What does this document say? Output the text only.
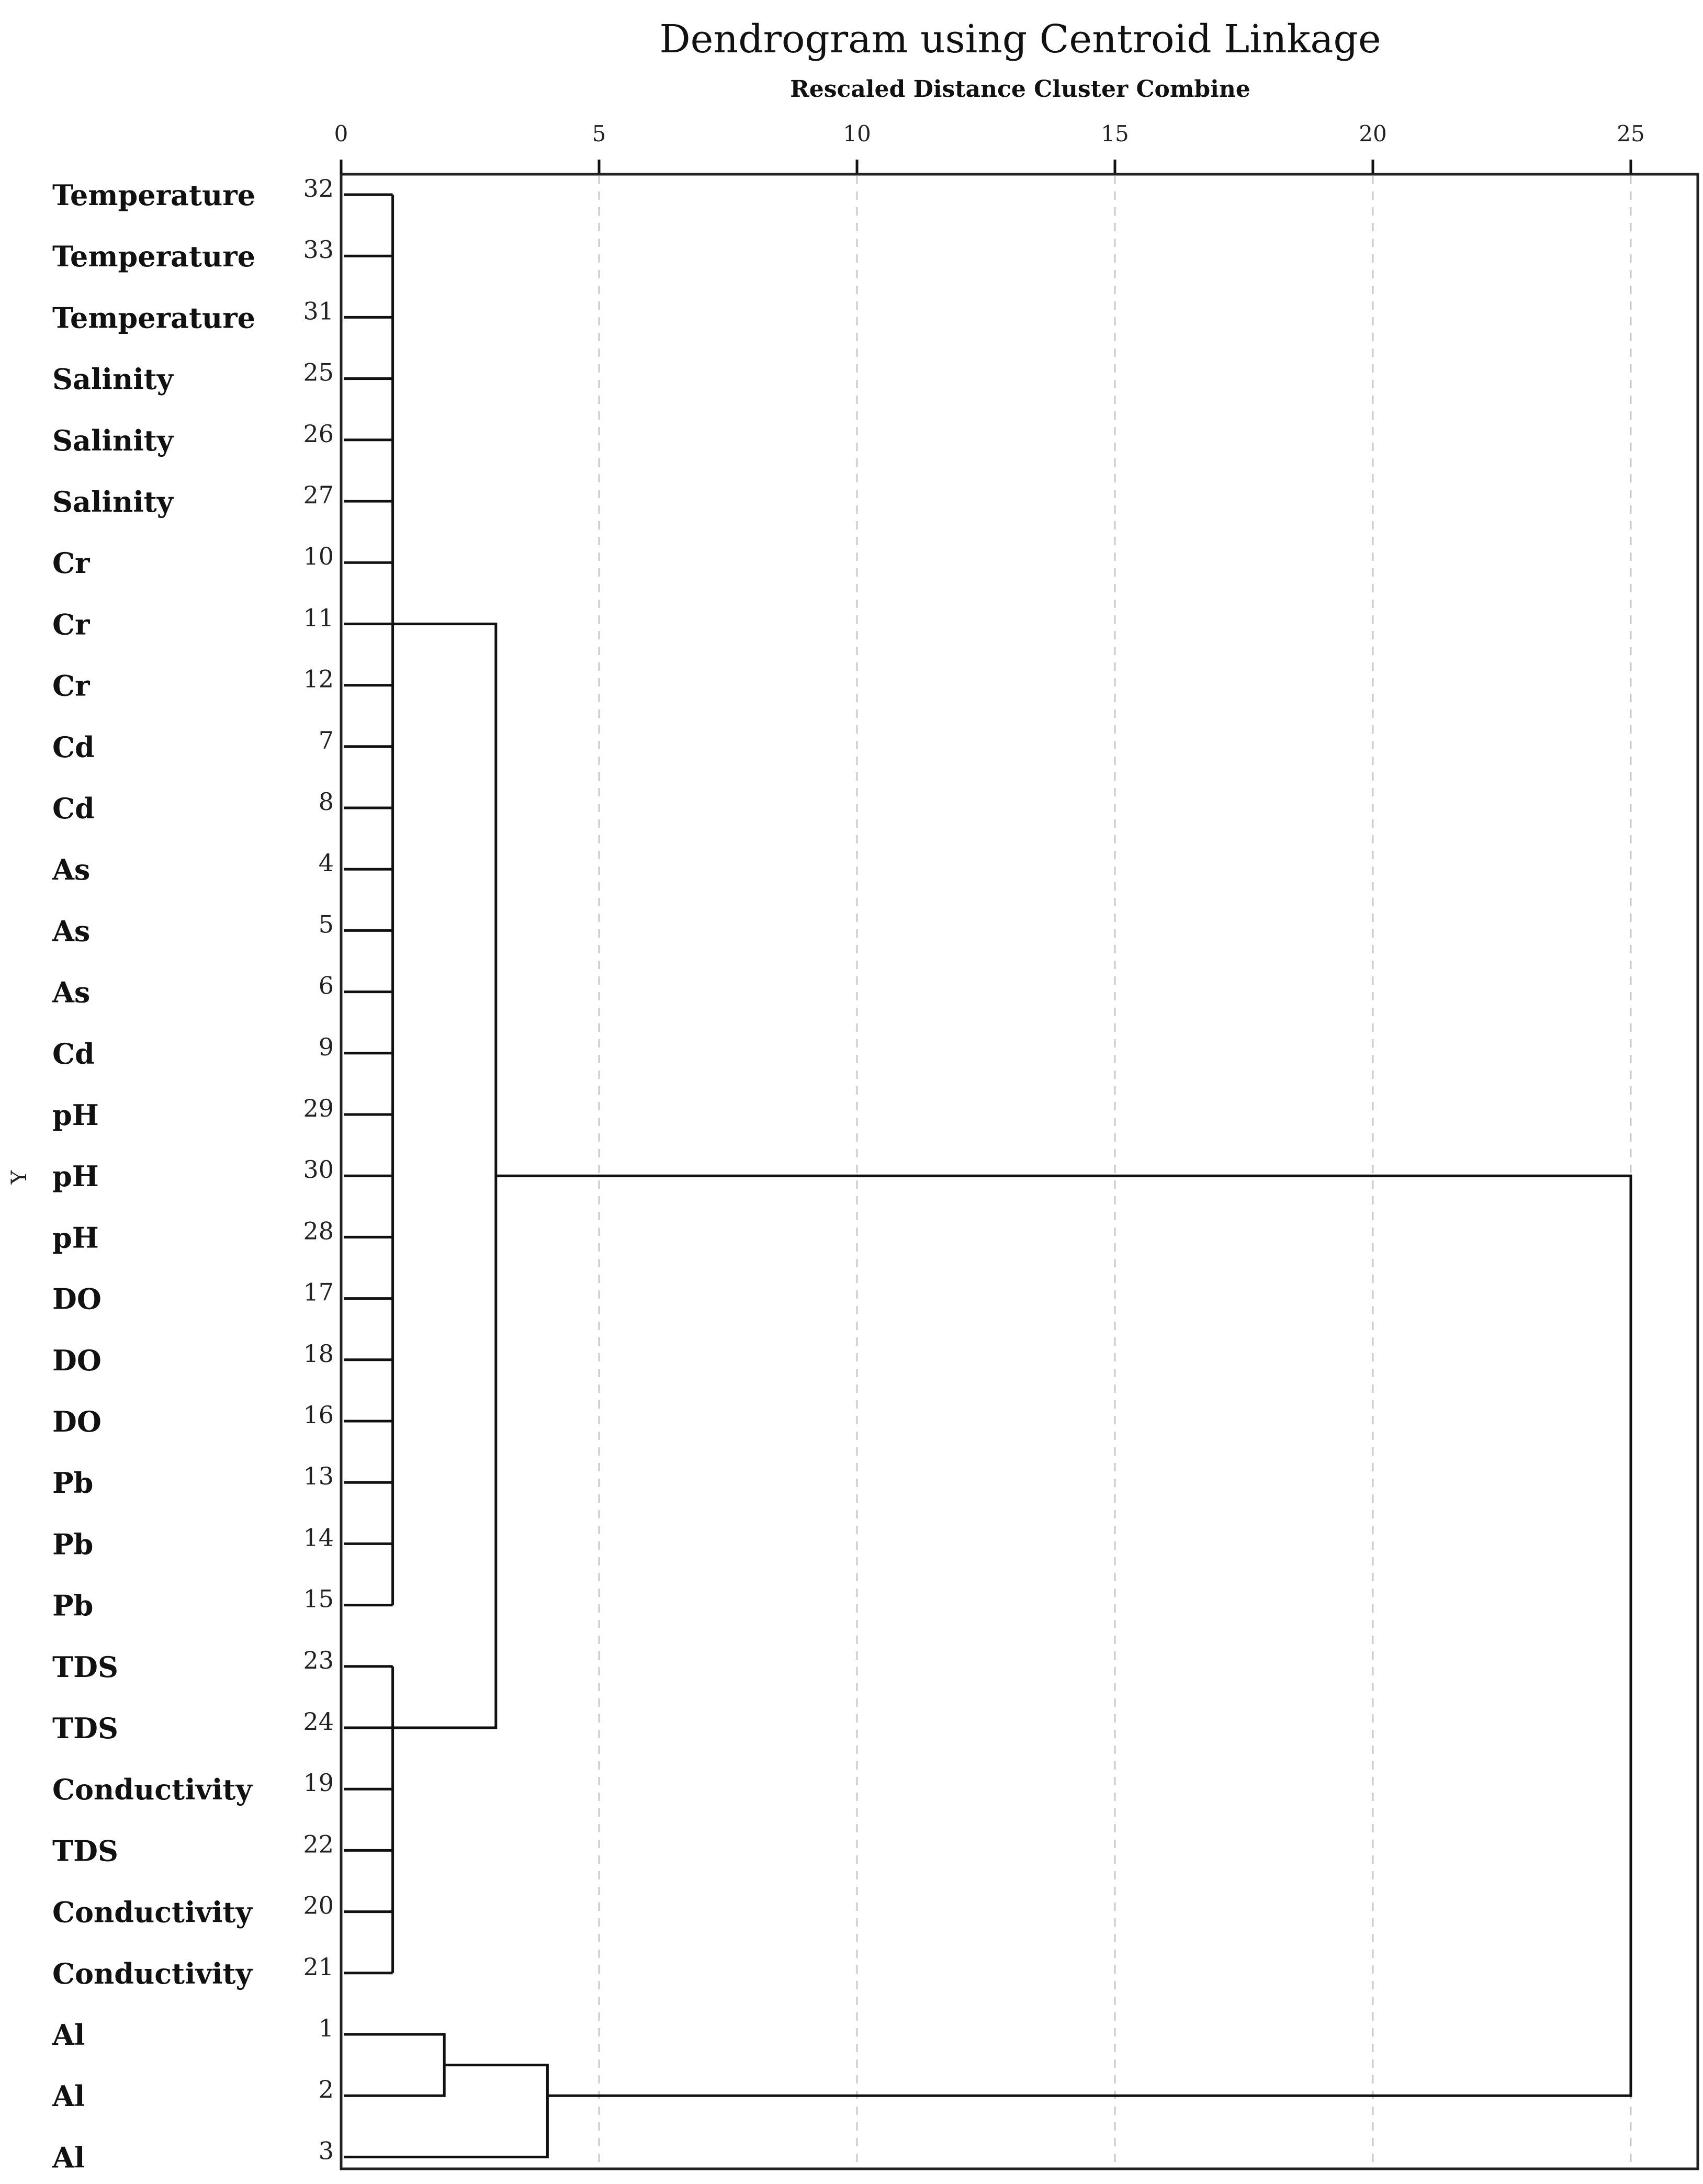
Dendrogram using Centroid Linkage
Rescaled Distance Cluster Combine
Y
0	5	10	15	20	25
Temperature 32
Temperature 33
Temperature 31
Salinity	25
Salinity	26
Salinity	27
Cr	10
Cr	11
Cr	12
Cd	7
Cd	8
As	4
As	5
As	6
Cd	9
pH	29
pH	30
pH	28
DO	17
DO	18
DO	16
Pb	13
Pb	14
Pb	15
TDS	23
TDS	24
Conductivity 19
TDS	22
Conductivity 20
Conductivity 21
Al	1
Al	2
Al	3
